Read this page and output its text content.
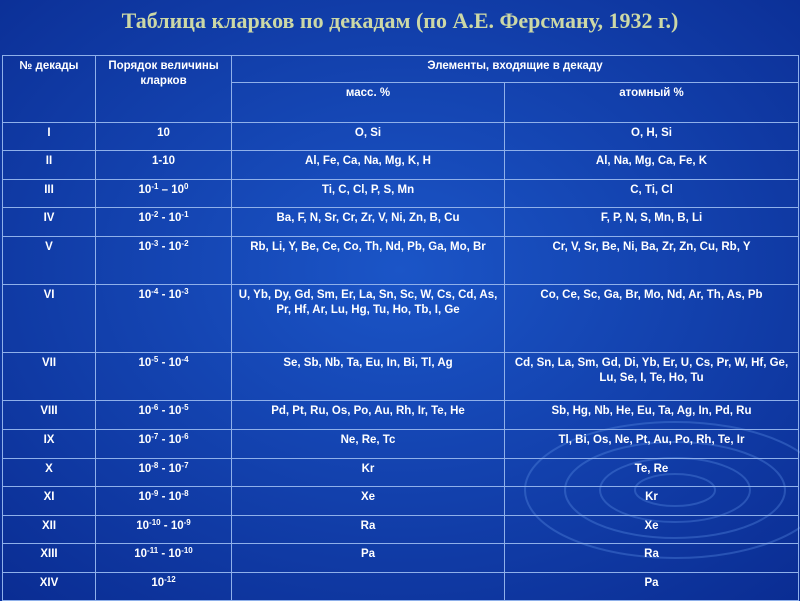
Таблица кларков по декадам (по А.Е. Ферсману, 1932 г.)
№ декады	Порядок величины кларков	Элементы, входящие в декаду	
		масс. %	атомный %
I	10	O, Si	O, H, Si
II	1-10	Al, Fe, Ca, Na, Mg, K, H	Al, Na, Mg, Ca, Fe, K
III	$10^{-1} - 10^0$	Ti, C, Cl, P, S, Mn	C, Ti, Cl
IV	$10^{-2} - 10^{-1}$	Ba, F, N, Sr, Cr, Zr, V, Ni, Zn, B, Cu	F, P, N, S, Mn, B, Li
V	$10^{-3} - 10^{-2}$	Rb, Li, Y, Be, Ce, Co, Th, Nd, Pb, Ga, Mo, Br	Cr, V, Sr, Be, Ni, Ba, Zr, Zn, Cu, Rb, Y
VI	$10^{-4} - 10^{-3}$	U, Yb, Dy, Gd, Sm, Er, La, Sn, Sc, W, Cs, Cd, As, Pr, Hf, Ar, Lu, Hg, Tu, Ho, Tb, I, Ge	Co, Ce, Sc, Ga, Br, Mo, Nd, Ar, Th, As, Pb
VII	$10^{-5} - 10^{-4}$	Se, Sb, Nb, Ta, Eu, In, Bi, Tl, Ag	Cd, Sn, La, Sm, Gd, Di, Yb, Er, U, Cs, Pr, W, Hf, Ge, Lu, Se, I, Te, Ho, Tu
VIII	$10^{-6} - 10^{-5}$	Pd, Pt, Ru, Os, Po, Au, Rh, Ir, Te, He	Sb, Hg, Nb, He, Eu, Ta, Ag, In, Pd, Ru
IX	$10^{-7} - 10^{-6}$	Ne, Re, Tc	Tl, Bi, Os, Ne, Pt, Au, Po, Rh, Te, Ir
X	$10^{-8} - 10^{-7}$	Kr	Te, Re
XI	$10^{-9} - 10^{-8}$	Xe	Kr
XII	$10^{-10} - 10^{-9}$	Ra	Xe
XIII	$10^{-11} - 10^{-10}$	Pa	Ra
XIV	$10^{-12}$		Pa
